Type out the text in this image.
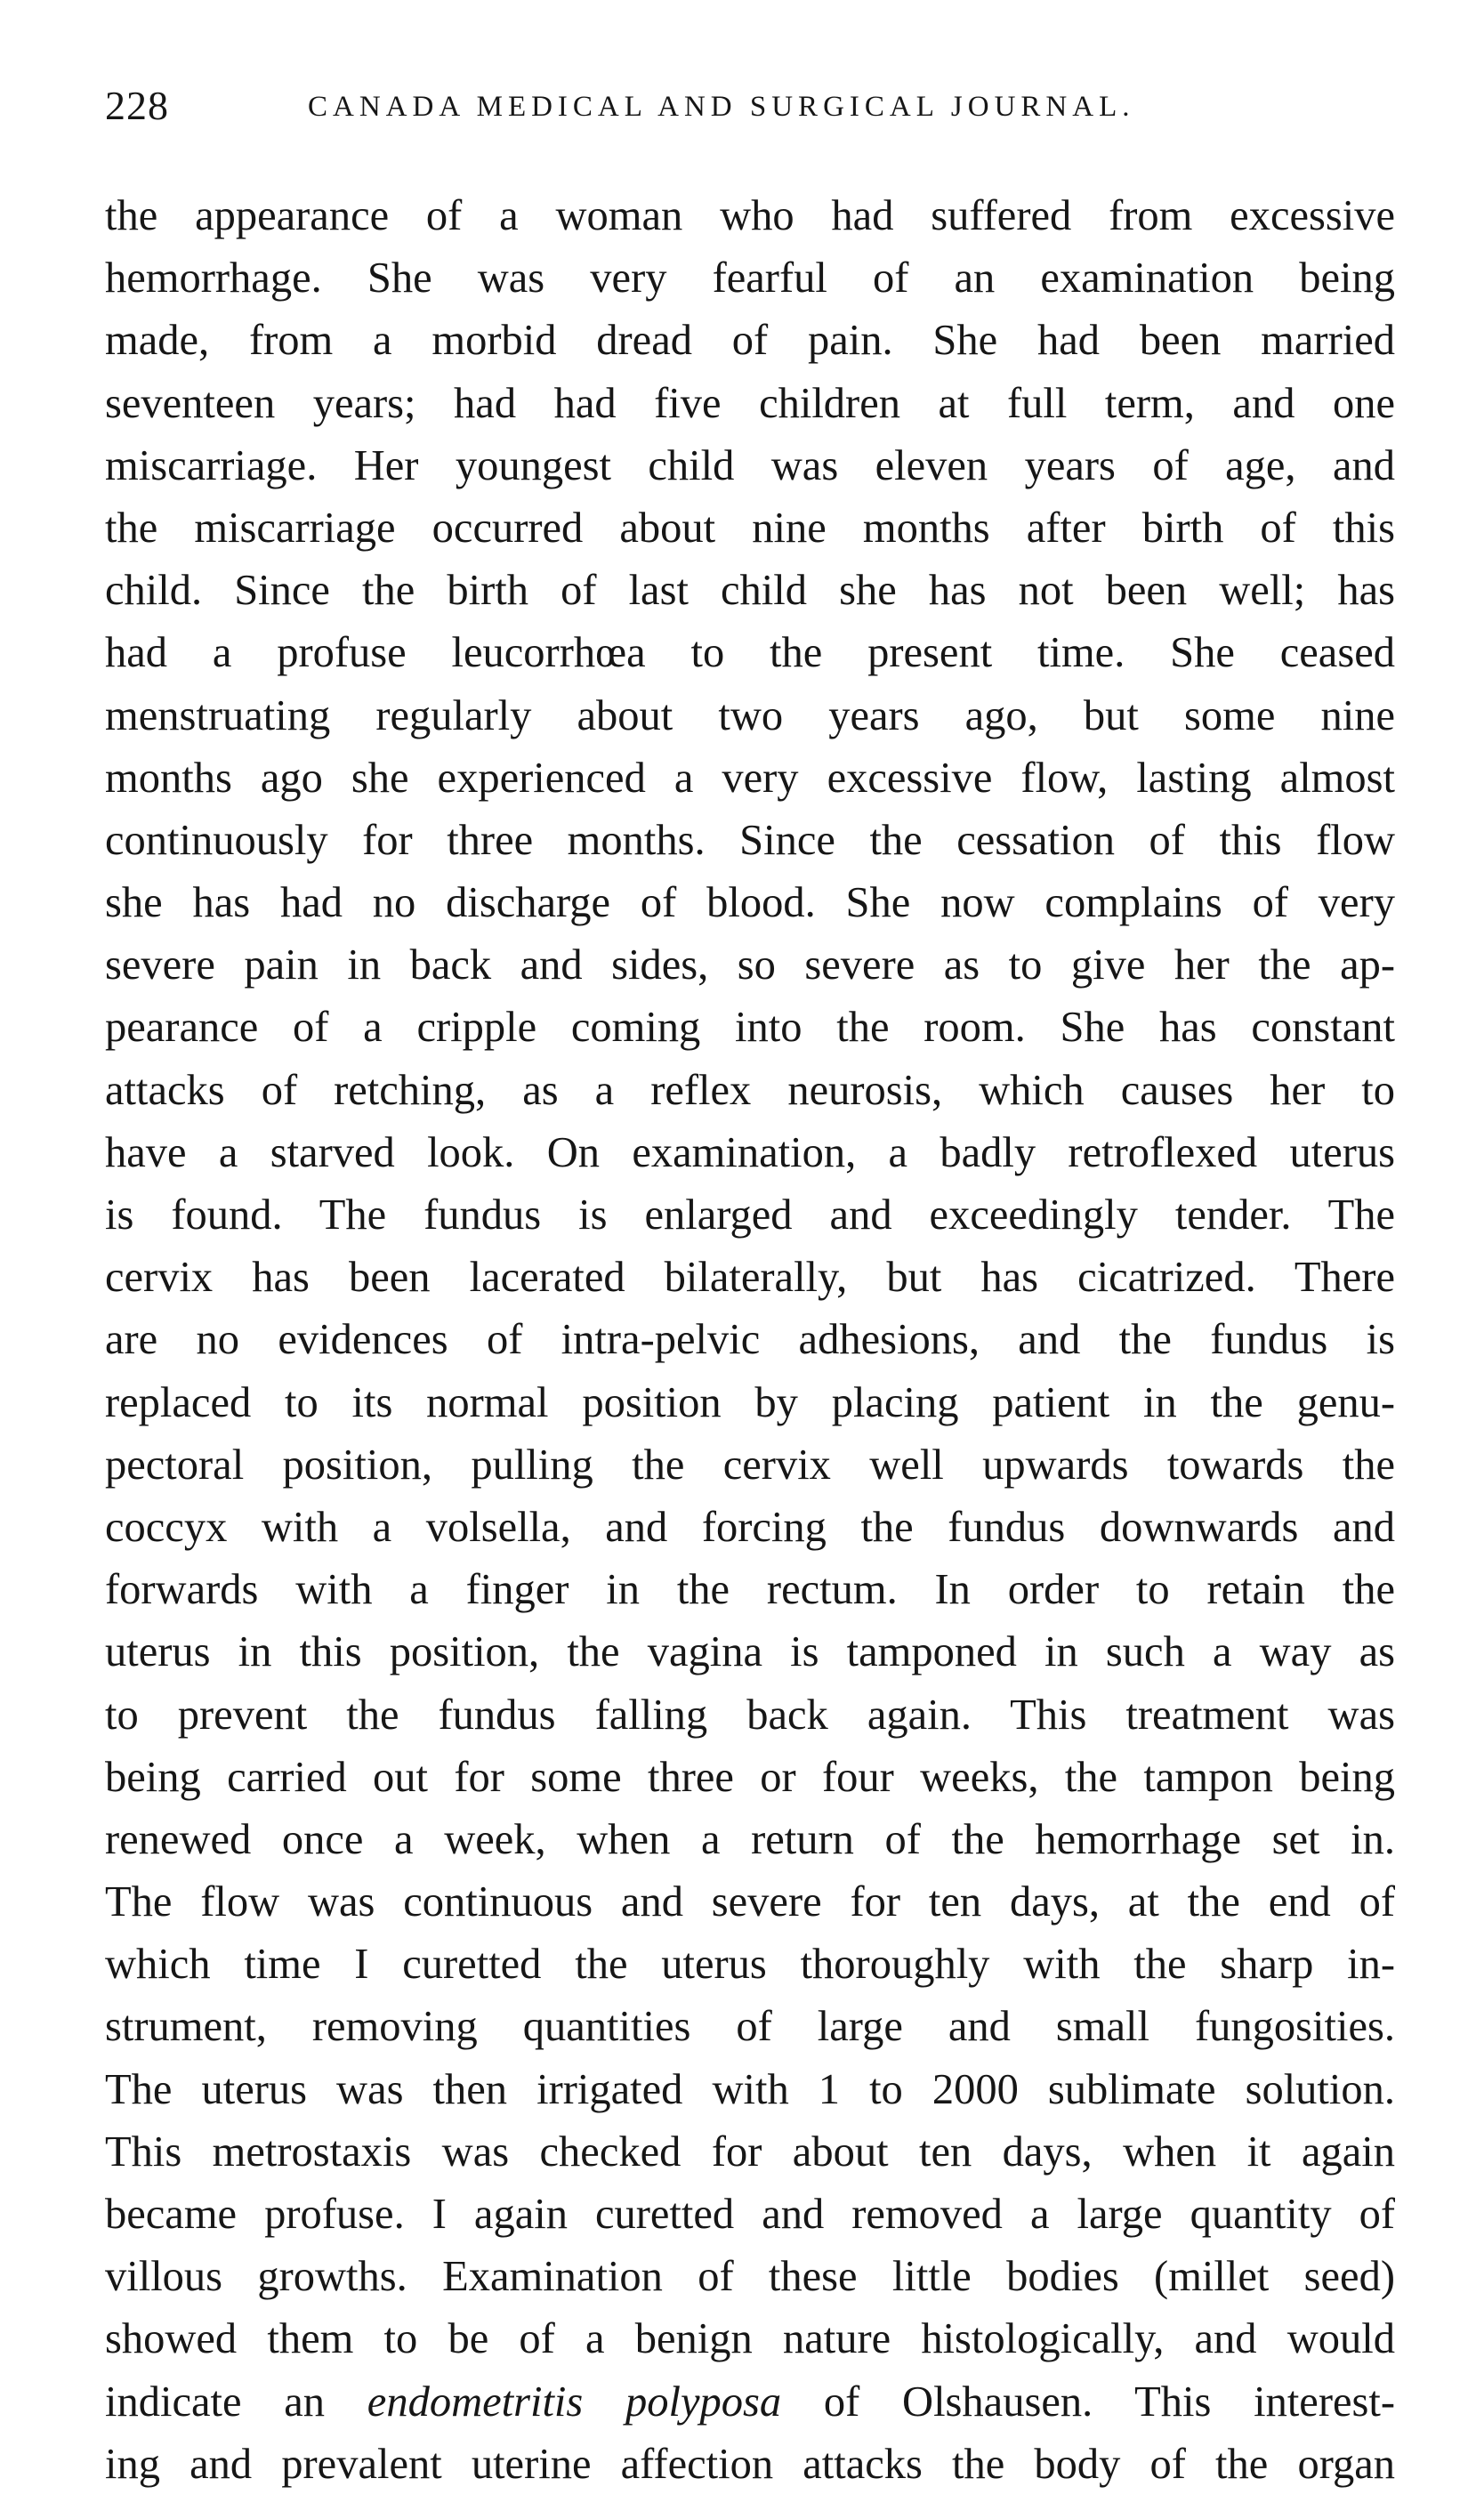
228	CANADA MEDICAL AND SURGICAL JOURNAL.
the appearance of a woman who had suffered from excessive
hemorrhage. She was very fearful of an examination being
made, from a morbid dread of pain. She had been married
seventeen years; had had five children at full term, and one
miscarriage. Her youngest child was eleven years of age, and
the miscarriage occurred about nine months after birth of this
child. Since the birth of last child she has not been well; has
had a profuse leucorrhœa to the present time. She ceased
menstruating regularly about two years ago, but some nine
months ago she experienced a very excessive flow, lasting almost
continuously for three months. Since the cessation of this flow
she has had no discharge of blood. She now complains of very
severe pain in back and sides, so severe as to give her the ap-
pearance of a cripple coming into the room. She has constant
attacks of retching, as a reflex neurosis, which causes her to
have a starved look. On examination, a badly retroflexed uterus
is found. The fundus is enlarged and exceedingly tender. The
cervix has been lacerated bilaterally, but has cicatrized. There
are no evidences of intra-pelvic adhesions, and the fundus is
replaced to its normal position by placing patient in the genu-
pectoral position, pulling the cervix well upwards towards the
coccyx with a volsella, and forcing the fundus downwards and
forwards with a finger in the rectum. In order to retain the
uterus in this position, the vagina is tamponed in such a way as
to prevent the fundus falling back again. This treatment was
being carried out for some three or four weeks, the tampon being
renewed once a week, when a return of the hemorrhage set in.
The flow was continuous and severe for ten days, at the end of
which time I curetted the uterus thoroughly with the sharp in-
strument, removing quantities of large and small fungosities.
The uterus was then irrigated with 1 to 2000 sublimate solution.
This metrostaxis was checked for about ten days, when it again
became profuse. I again curetted and removed a large quantity of
villous growths. Examination of these little bodies (millet seed)
showed them to be of a benign nature histologically, and would
indicate an endometritis polyposa of Olshausen. This interest-
ing and prevalent uterine affection attacks the body of the organ
